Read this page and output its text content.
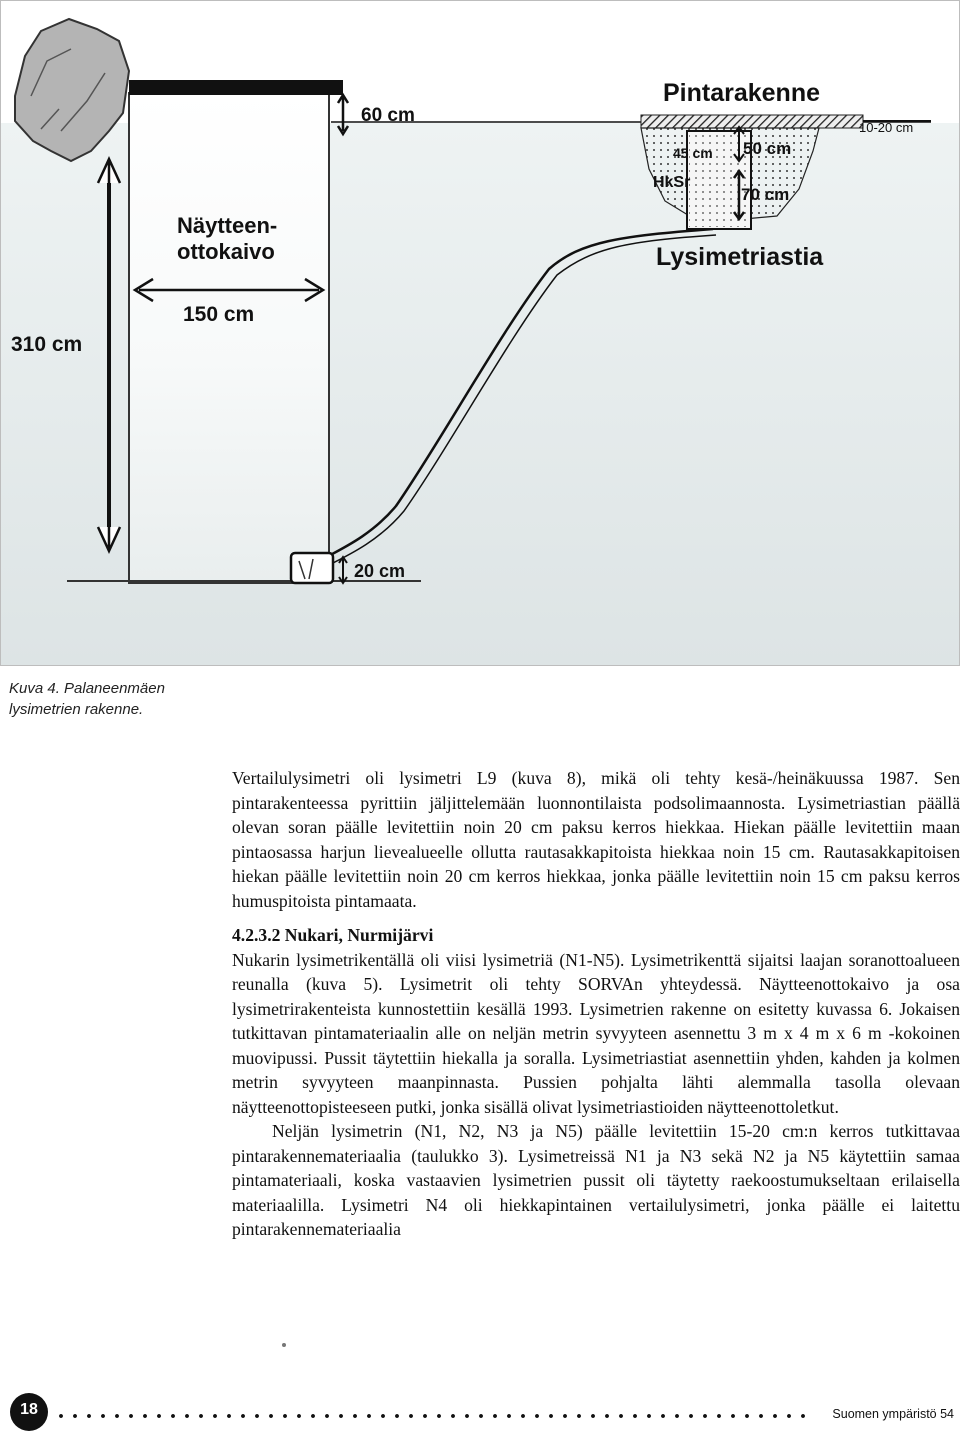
Pintarakenne
10-20 cm
45 cm 50 cm
HkSr
70 cm
Lysimetriastia
60 cm
Näytteen-
ottokaivo
150 cm
310 cm
20 cm
Kuva 4. Palaneenmäen
lysimetrien rakenne.

Vertailulysimetri oli lysimetri L9 (kuva 8), mikä oli tehty kesä-/heinäkuussa 1987. Sen pintarakenteessa pyrittiin jäljittelemään luonnontilaista podsolimaannosta. Lysimetriastian päällä olevan soran päälle levitettiin noin 20 cm paksu kerros hiekkaa. Hiekan päälle levitettiin maan pintaosassa harjun lievealueelle ollutta rautasakkapitoista hiekkaa noin 15 cm. Rautasakkapitoisen hiekan päälle levitettiin noin 20 cm kerros hiekkaa, jonka päälle levitettiin noin 15 cm paksu kerros humuspitoista pintamaata.

4.2.3.2 Nukari, Nurmijärvi

Nukarin lysimetrikentällä oli viisi lysimetriä (N1-N5). Lysimetrikenttä sijaitsi laajan soranottoalueen reunalla (kuva 5). Lysimetrit oli tehty SORVAn yhteydessä. Näytteenottokaivo ja osa lysimetrirakenteista kunnostettiin kesällä 1993. Lysimetrien rakenne on esitetty kuvassa 6. Jokaisen tutkittavan pintamateriaalin alle on neljän metrin syvyyteen asennettu 3 m x 4 m x 6 m -kokoinen muovipussi. Pussit täytettiin hiekalla ja soralla. Lysimetriastiat asennettiin yhden, kahden ja kolmen metrin syvyyteen maanpinnasta. Pussien pohjalta lähti alemmalla tasolla olevaan näytteenottopisteeseen putki, jonka sisällä olivat lysimetriastioiden näytteenottoletkut.

Neljän lysimetrin (N1, N2, N3 ja N5) päälle levitettiin 15-20 cm:n kerros tutkittavaa pintarakennemateriaalia (taulukko 3). Lysimetreissä N1 ja N3 sekä N2 ja N5 käytettiin samaa pintamateriaali, koska vastaavien lysimetrien pussit oli täytetty raekoostumukseltaan erilaisella materiaalilla. Lysimetri N4 oli hiekkapintainen vertailulysimetri, jonka päälle ei laitettu pintarakennemateriaalia

18	Suomen ympäristö 54
